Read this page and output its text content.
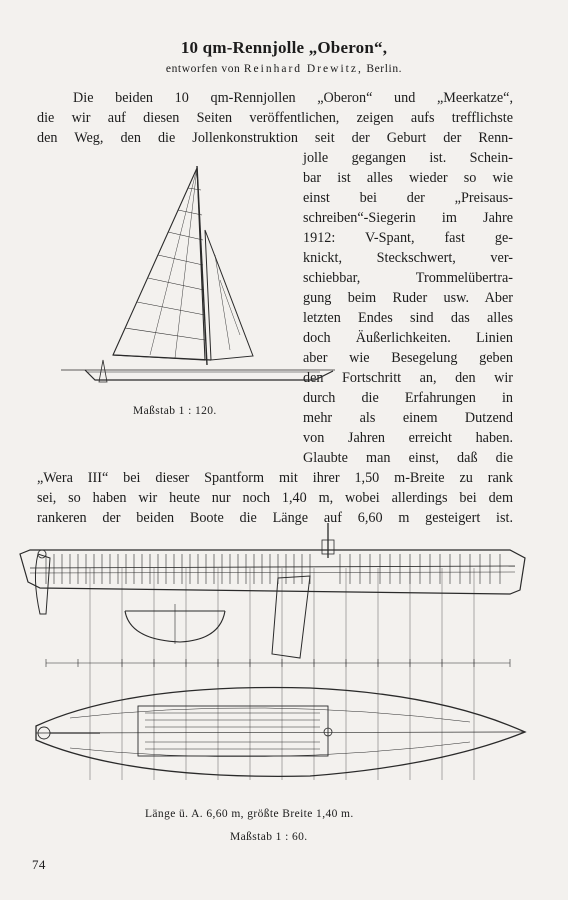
10 qm-Rennjolle „Oberon“,
entworfen von Reinhard Drewitz, Berlin.
Die beiden 10 qm-Rennjollen „Oberon“ und „Meerkatze“,
die wir auf diesen Seiten veröffentlichen, zeigen aufs trefflichste
den Weg, den die Jollenkonstruktion seit der Geburt der Renn-
jolle gegangen ist. Schein-
bar ist alles wieder so wie
einst bei der „Preisaus-
schreiben“-Siegerin im Jahre
1912: V-Spant, fast ge-
knickt, Steckschwert, ver-
schiebbar, Trommelübertra-
gung beim Ruder usw. Aber
letzten Endes sind das alles
doch Äußerlichkeiten. Linien
aber wie Besegelung geben
den Fortschritt an, den wir
durch die Erfahrungen in
mehr als einem Dutzend
von Jahren erreicht haben.
Glaubte man einst, daß die
„Wera III“ bei dieser Spantform mit ihrer 1,50 m-Breite zu rank
sei, so haben wir heute nur noch 1,40 m, wobei allerdings bei dem
rankeren der beiden Boote die Länge auf 6,60 m gesteigert ist.
Maßstab 1 : 120.
Länge ü. A. 6,60 m, größte Breite 1,40 m.
Maßstab 1 : 60.
74
